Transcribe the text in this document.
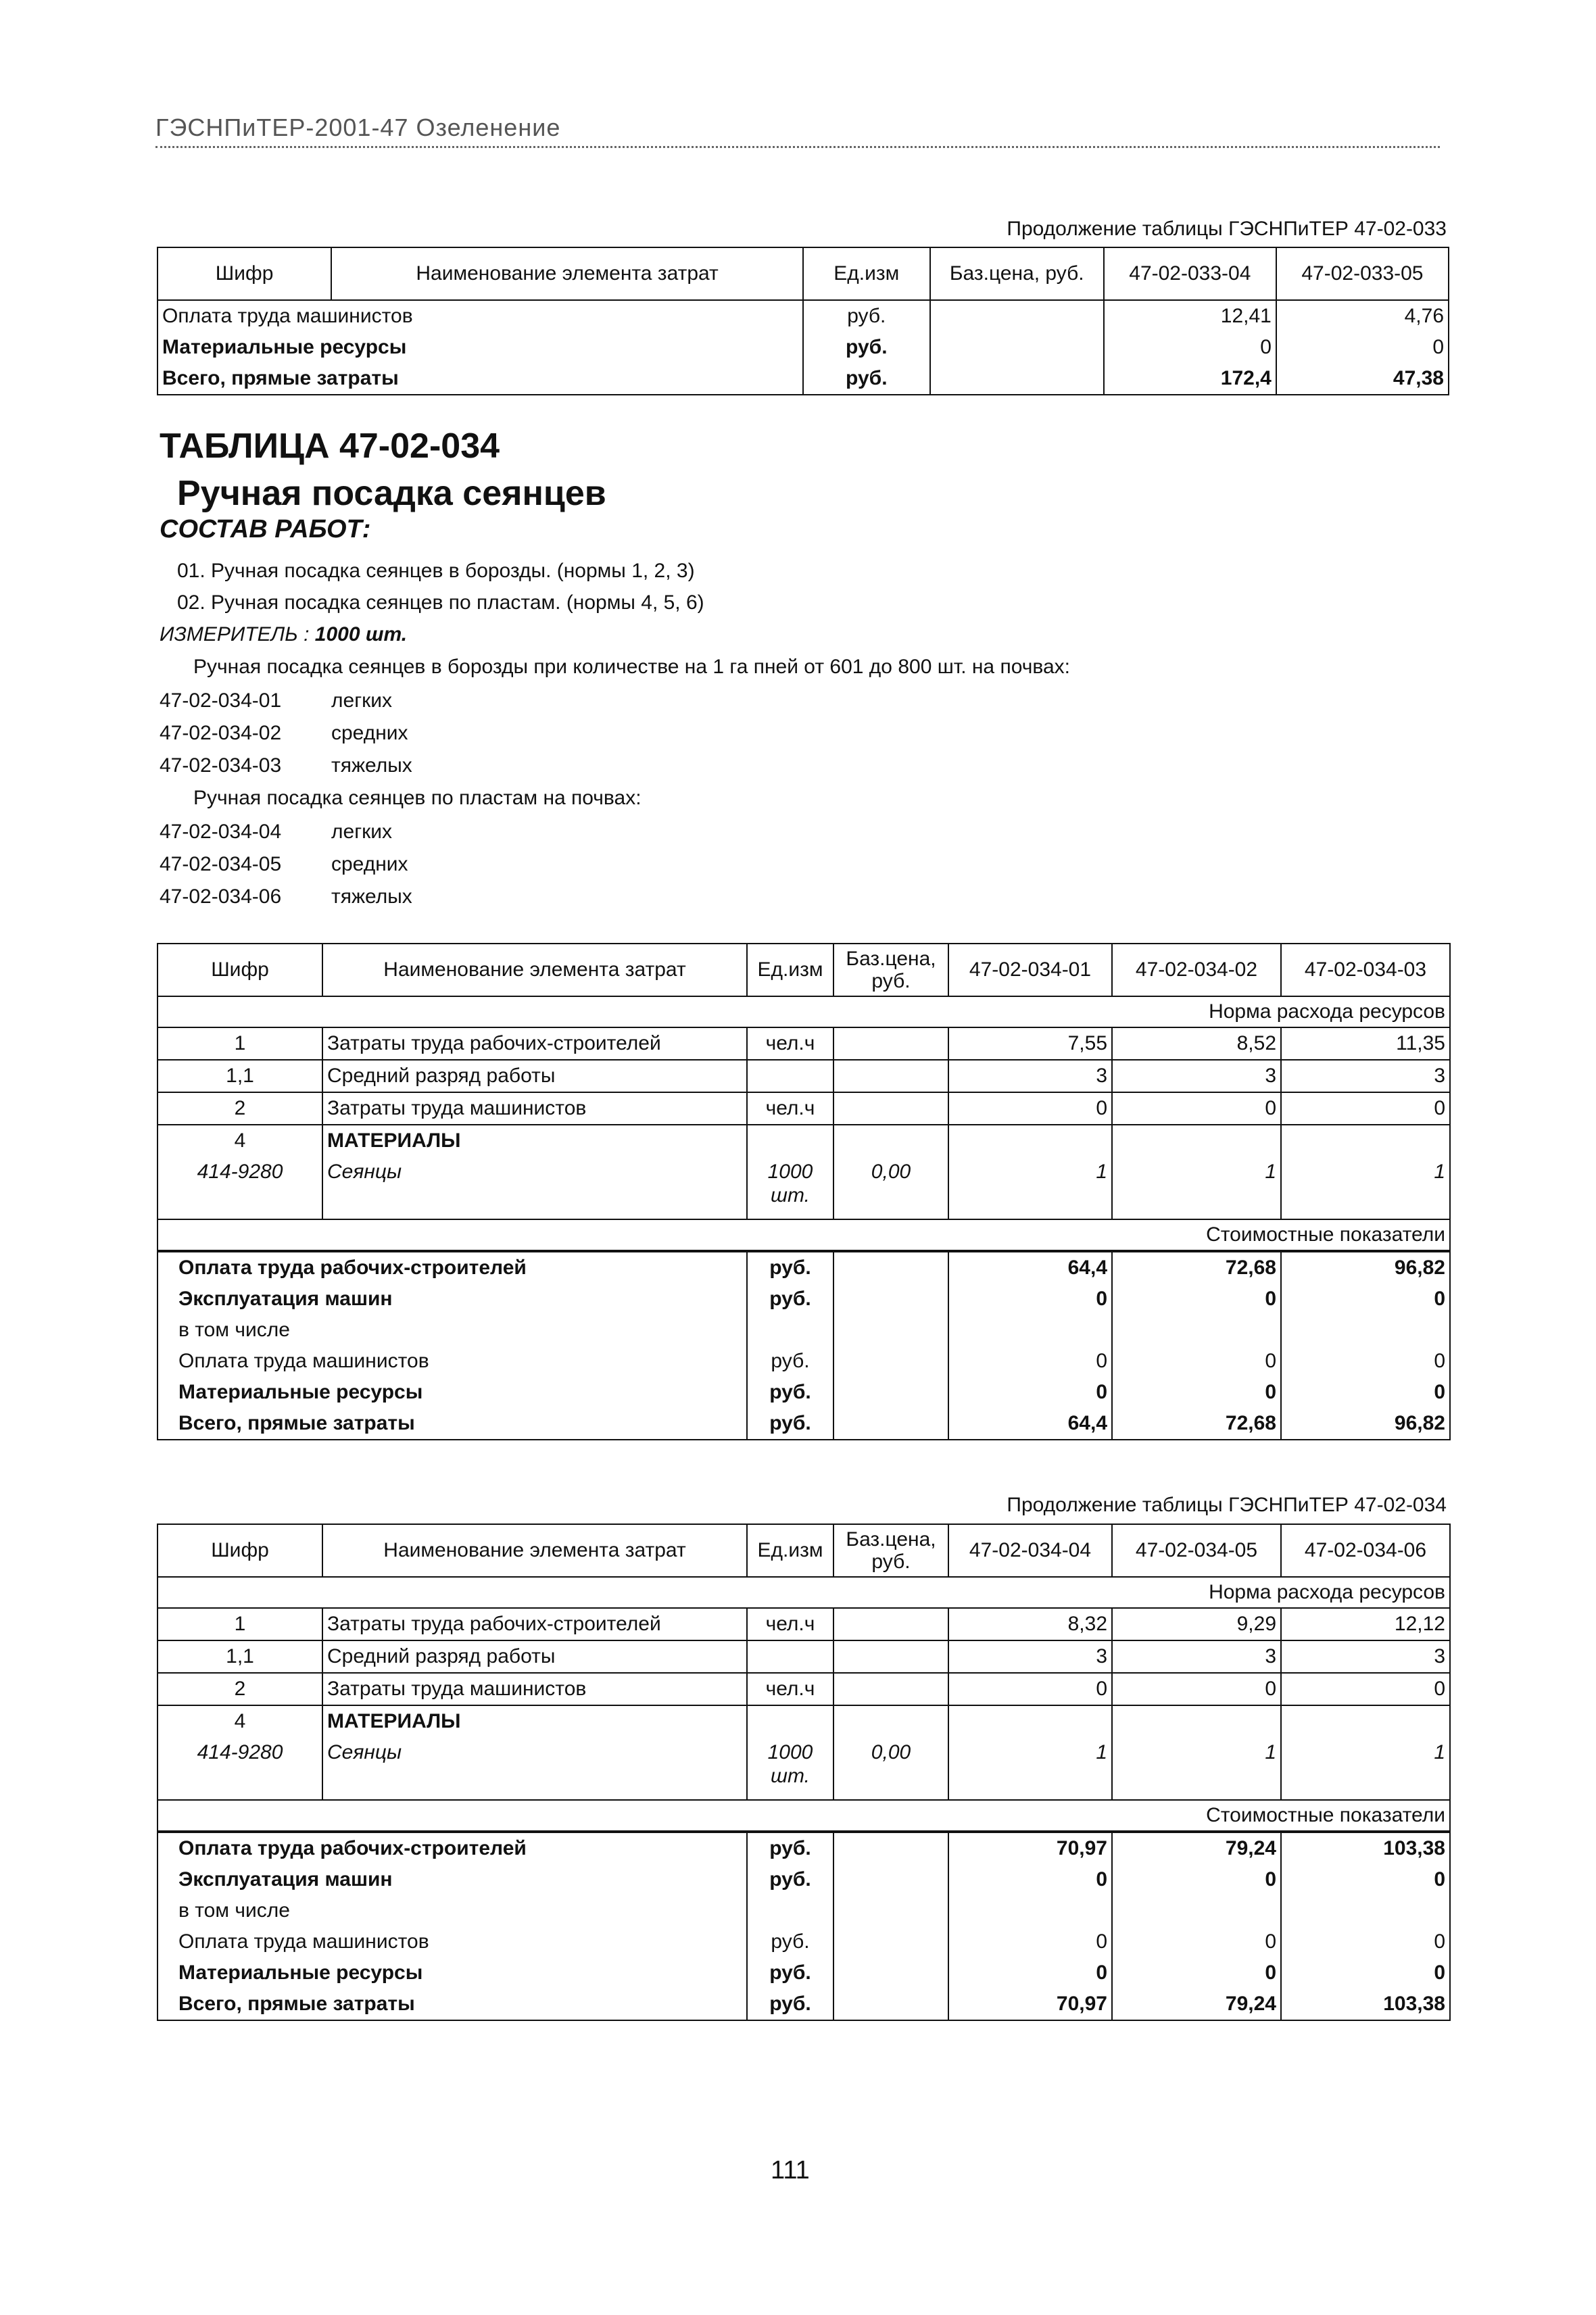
ГЭСНПиТЕР-2001-47 Озеленение
Продолжение таблицы ГЭСНПиТЕР 47-02-033
Шифр	Наименование элемента затрат	Ед.изм	Баз.цена, руб.	47-02-033-04	47-02-033-05
Оплата труда машинистов		руб.		12,41	4,76
Материальные ресурсы		руб.		0	0
Всего, прямые затраты		руб.		172,4	47,38
ТАБЛИЦА 47-02-034
Ручная посадка сеянцев
СОСТАВ РАБОТ:
01. Ручная посадка сеянцев в борозды. (нормы 1, 2, 3)
02. Ручная посадка сеянцев по пластам. (нормы 4, 5, 6)
ИЗМЕРИТЕЛЬ : 1000 шт.
Ручная посадка сеянцев в борозды при количестве на 1 га пней от 601 до 800 шт. на почвах:
47-02-034-01 легких
47-02-034-02 средних
47-02-034-03 тяжелых
Ручная посадка сеянцев по пластам на почвах:
47-02-034-04 легких
47-02-034-05 средних
47-02-034-06 тяжелых
Шифр	Наименование элемента затрат	Ед.изм	Баз.цена, руб.	47-02-034-01	47-02-034-02	47-02-034-03
Норма расхода ресурсов						
1	Затраты труда рабочих-строителей	чел.ч		7,55	8,52	11,35
1,1	Средний разряд работы			3	3	3
2	Затраты труда машинистов	чел.ч		0	0	0
4	МАТЕРИАЛЫ					
414-9280	Сеянцы	1000 шт.	0,00	1	1	1
Стоимостные показатели						
Оплата труда рабочих-строителей		руб.		64,4	72,68	96,82
Эксплуатация машин		руб.		0	0	0
в том числе						
Оплата труда машинистов		руб.		0	0	0
Материальные ресурсы		руб.		0	0	0
Всего, прямые затраты		руб.		64,4	72,68	96,82
Продолжение таблицы ГЭСНПиТЕР 47-02-034
Шифр	Наименование элемента затрат	Ед.изм	Баз.цена, руб.	47-02-034-04	47-02-034-05	47-02-034-06
Норма расхода ресурсов						
1	Затраты труда рабочих-строителей	чел.ч		8,32	9,29	12,12
1,1	Средний разряд работы			3	3	3
2	Затраты труда машинистов	чел.ч		0	0	0
4	МАТЕРИАЛЫ					
414-9280	Сеянцы	1000 шт.	0,00	1	1	1
Стоимостные показатели						
Оплата труда рабочих-строителей		руб.		70,97	79,24	103,38
Эксплуатация машин		руб.		0	0	0
в том числе						
Оплата труда машинистов		руб.		0	0	0
Материальные ресурсы		руб.		0	0	0
Всего, прямые затраты		руб.		70,97	79,24	103,38
111
